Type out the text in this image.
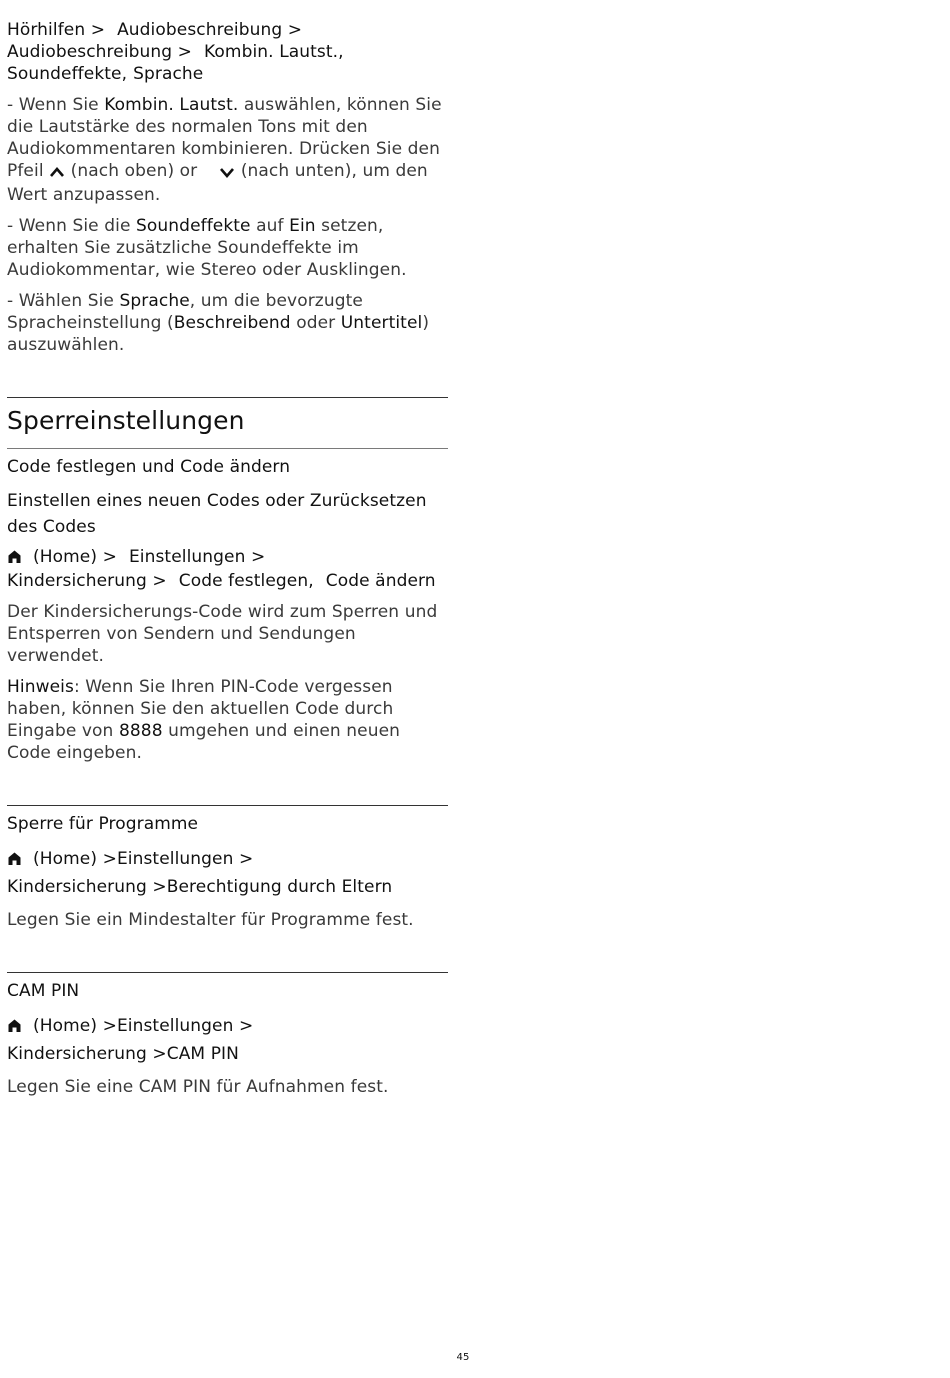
Hörhilfen > Audiobeschreibung >
Audiobeschreibung > Kombin. Lautst.,
Soundeffekte, Sprache

- Wenn Sie Kombin. Lautst. auswählen, können Sie die Lautstärke des normalen Tons mit den Audiokommentaren kombinieren. Drücken Sie den Pfeil  (nach oben) or	(nach unten), um den Wert anzupassen.

- Wenn Sie die Soundeffekte auf Ein setzen, erhalten Sie zusätzliche Soundeffekte im Audiokommentar, wie Stereo oder Ausklingen.

- Wählen Sie Sprache, um die bevorzugte Spracheinstellung (Beschreibend oder Untertitel) auszuwählen.

Sperreinstellungen
Code festlegen und Code ändern
Einstellen eines neuen Codes oder Zurücksetzen des Codes
(Home) > Einstellungen >
Kindersicherung > Code festlegen, Code ändern

Der Kindersicherungs-Code wird zum Sperren und Entsperren von Sendern und Sendungen verwendet.

Hinweis: Wenn Sie Ihren PIN-Code vergessen haben, können Sie den aktuellen Code durch Eingabe von 8888 umgehen und einen neuen Code eingeben.

Sperre für Programme
(Home) >Einstellungen >
Kindersicherung >Berechtigung durch Eltern

Legen Sie ein Mindestalter für Programme fest.

CAM PIN
(Home) >Einstellungen >
Kindersicherung >CAM PIN

Legen Sie eine CAM PIN für Aufnahmen fest.

45
